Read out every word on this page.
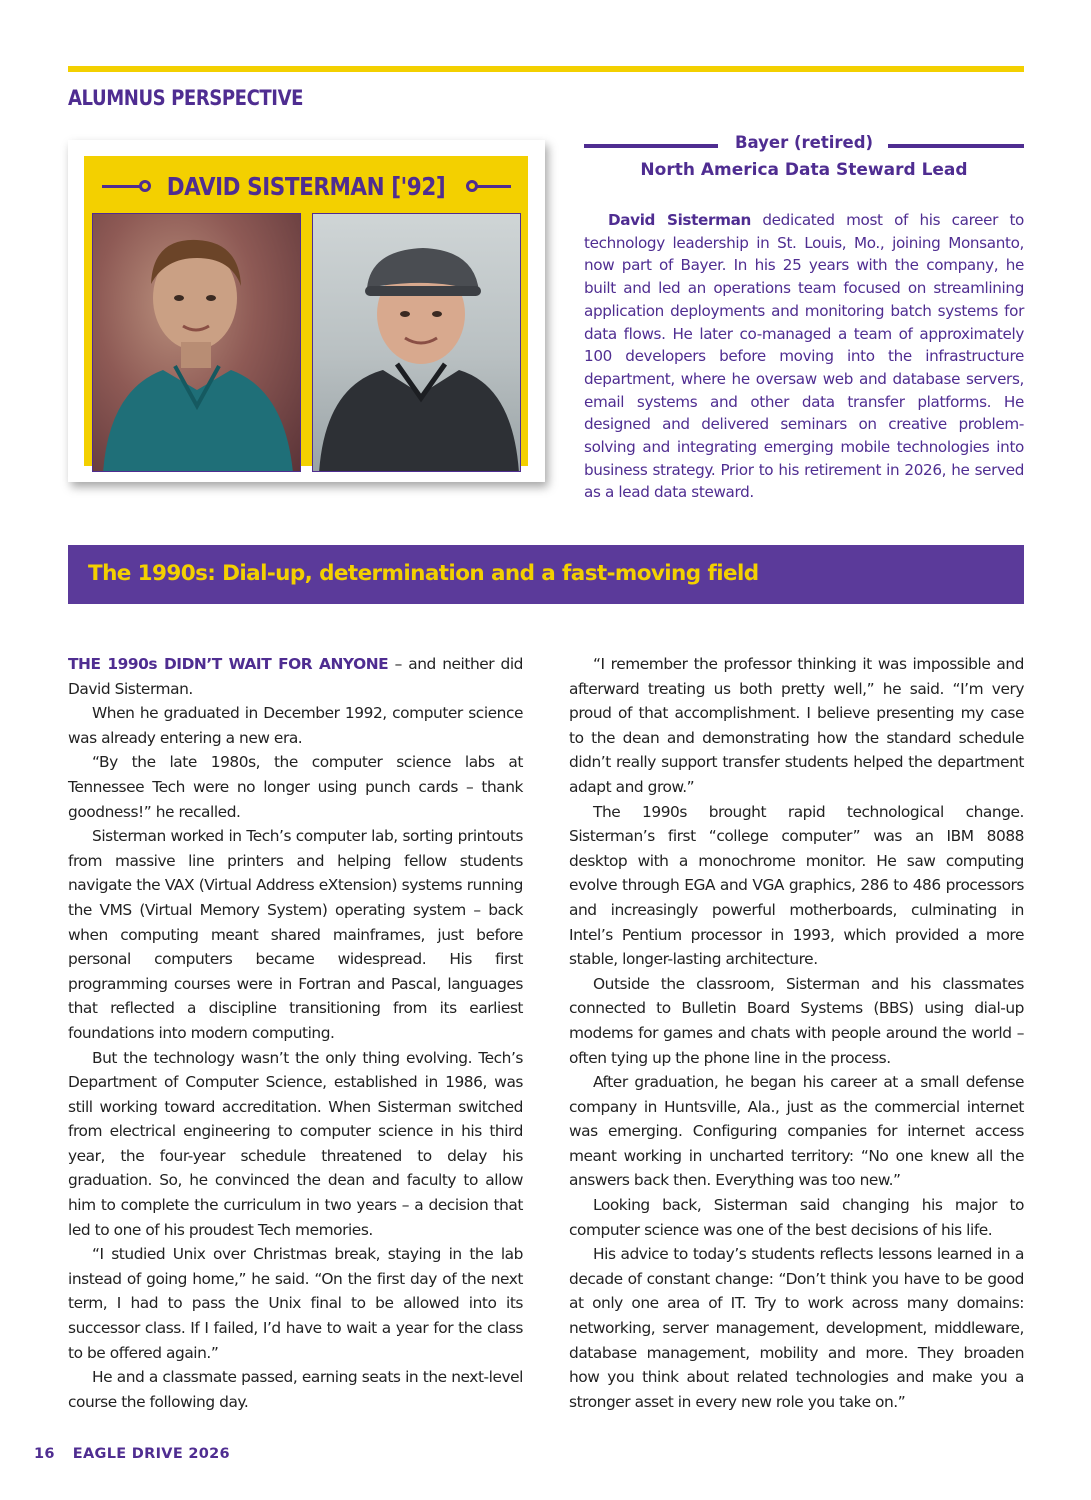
ALUMNUS PERSPECTIVE
DAVID SISTERMAN ['92]
Bayer (retired)
North America Data Steward Lead
David Sisterman dedicated most of his career to technology leadership in St. Louis, Mo., joining Monsanto, now part of Bayer. In his 25 years with the company, he built and led an operations team focused on streamlining application deployments and monitoring batch systems for data flows. He later co-managed a team of approximately 100 developers before moving into the infrastructure department, where he oversaw web and database servers, email systems and other data transfer platforms. He designed and delivered seminars on creative problem-solving and integrating emerging mobile technologies into business strategy. Prior to his retirement in 2026, he served as a lead data steward.
The 1990s: Dial-up, determination and a fast-moving field

THE 1990s DIDN’T WAIT FOR ANYONE – and neither did David Sisterman.

When he graduated in December 1992, computer science was already entering a new era.

“By the late 1980s, the computer science labs at Tennessee Tech were no longer using punch cards – thank goodness!” he recalled.

Sisterman worked in Tech’s computer lab, sorting printouts from massive line printers and helping fellow students navigate the VAX (Virtual Address eXtension) systems running the VMS (Virtual Memory System) operating system – back when computing meant shared mainframes, just before personal computers became widespread. His first programming courses were in Fortran and Pascal, languages that reflected a discipline transitioning from its earliest foundations into modern computing.

But the technology wasn’t the only thing evolving. Tech’s Department of Computer Science, established in 1986, was still working toward accreditation. When Sisterman switched from electrical engineering to computer science in his third year, the four-year schedule threatened to delay his graduation. So, he convinced the dean and faculty to allow him to complete the curriculum in two years – a decision that led to one of his proudest Tech memories.

“I studied Unix over Christmas break, staying in the lab instead of going home,” he said. “On the first day of the next term, I had to pass the Unix final to be allowed into its successor class. If I failed, I’d have to wait a year for the class to be offered again.”

He and a classmate passed, earning seats in the next-level course the following day.

“I remember the professor thinking it was impossible and afterward treating us both pretty well,” he said. “I’m very proud of that accomplishment. I believe presenting my case to the dean and demonstrating how the standard schedule didn’t really support transfer students helped the department adapt and grow.”

The 1990s brought rapid technological change. Sisterman’s first “college computer” was an IBM 8088 desktop with a monochrome monitor. He saw computing evolve through EGA and VGA graphics, 286 to 486 processors and increasingly powerful motherboards, culminating in Intel’s Pentium processor in 1993, which provided a more stable, longer-lasting architecture.

Outside the classroom, Sisterman and his classmates connected to Bulletin Board Systems (BBS) using dial-up modems for games and chats with people around the world – often tying up the phone line in the process.

After graduation, he began his career at a small defense company in Huntsville, Ala., just as the commercial internet was emerging. Configuring companies for internet access meant working in uncharted territory: “No one knew all the answers back then. Everything was too new.”

Looking back, Sisterman said changing his major to computer science was one of the best decisions of his life.

His advice to today’s students reflects lessons learned in a decade of constant change: “Don’t think you have to be good at only one area of IT. Try to work across many domains: networking, server management, development, middleware, database management, mobility and more. They broaden how you think about related technologies and make you a stronger asset in every new role you take on.”

16 EAGLE DRIVE 2026
